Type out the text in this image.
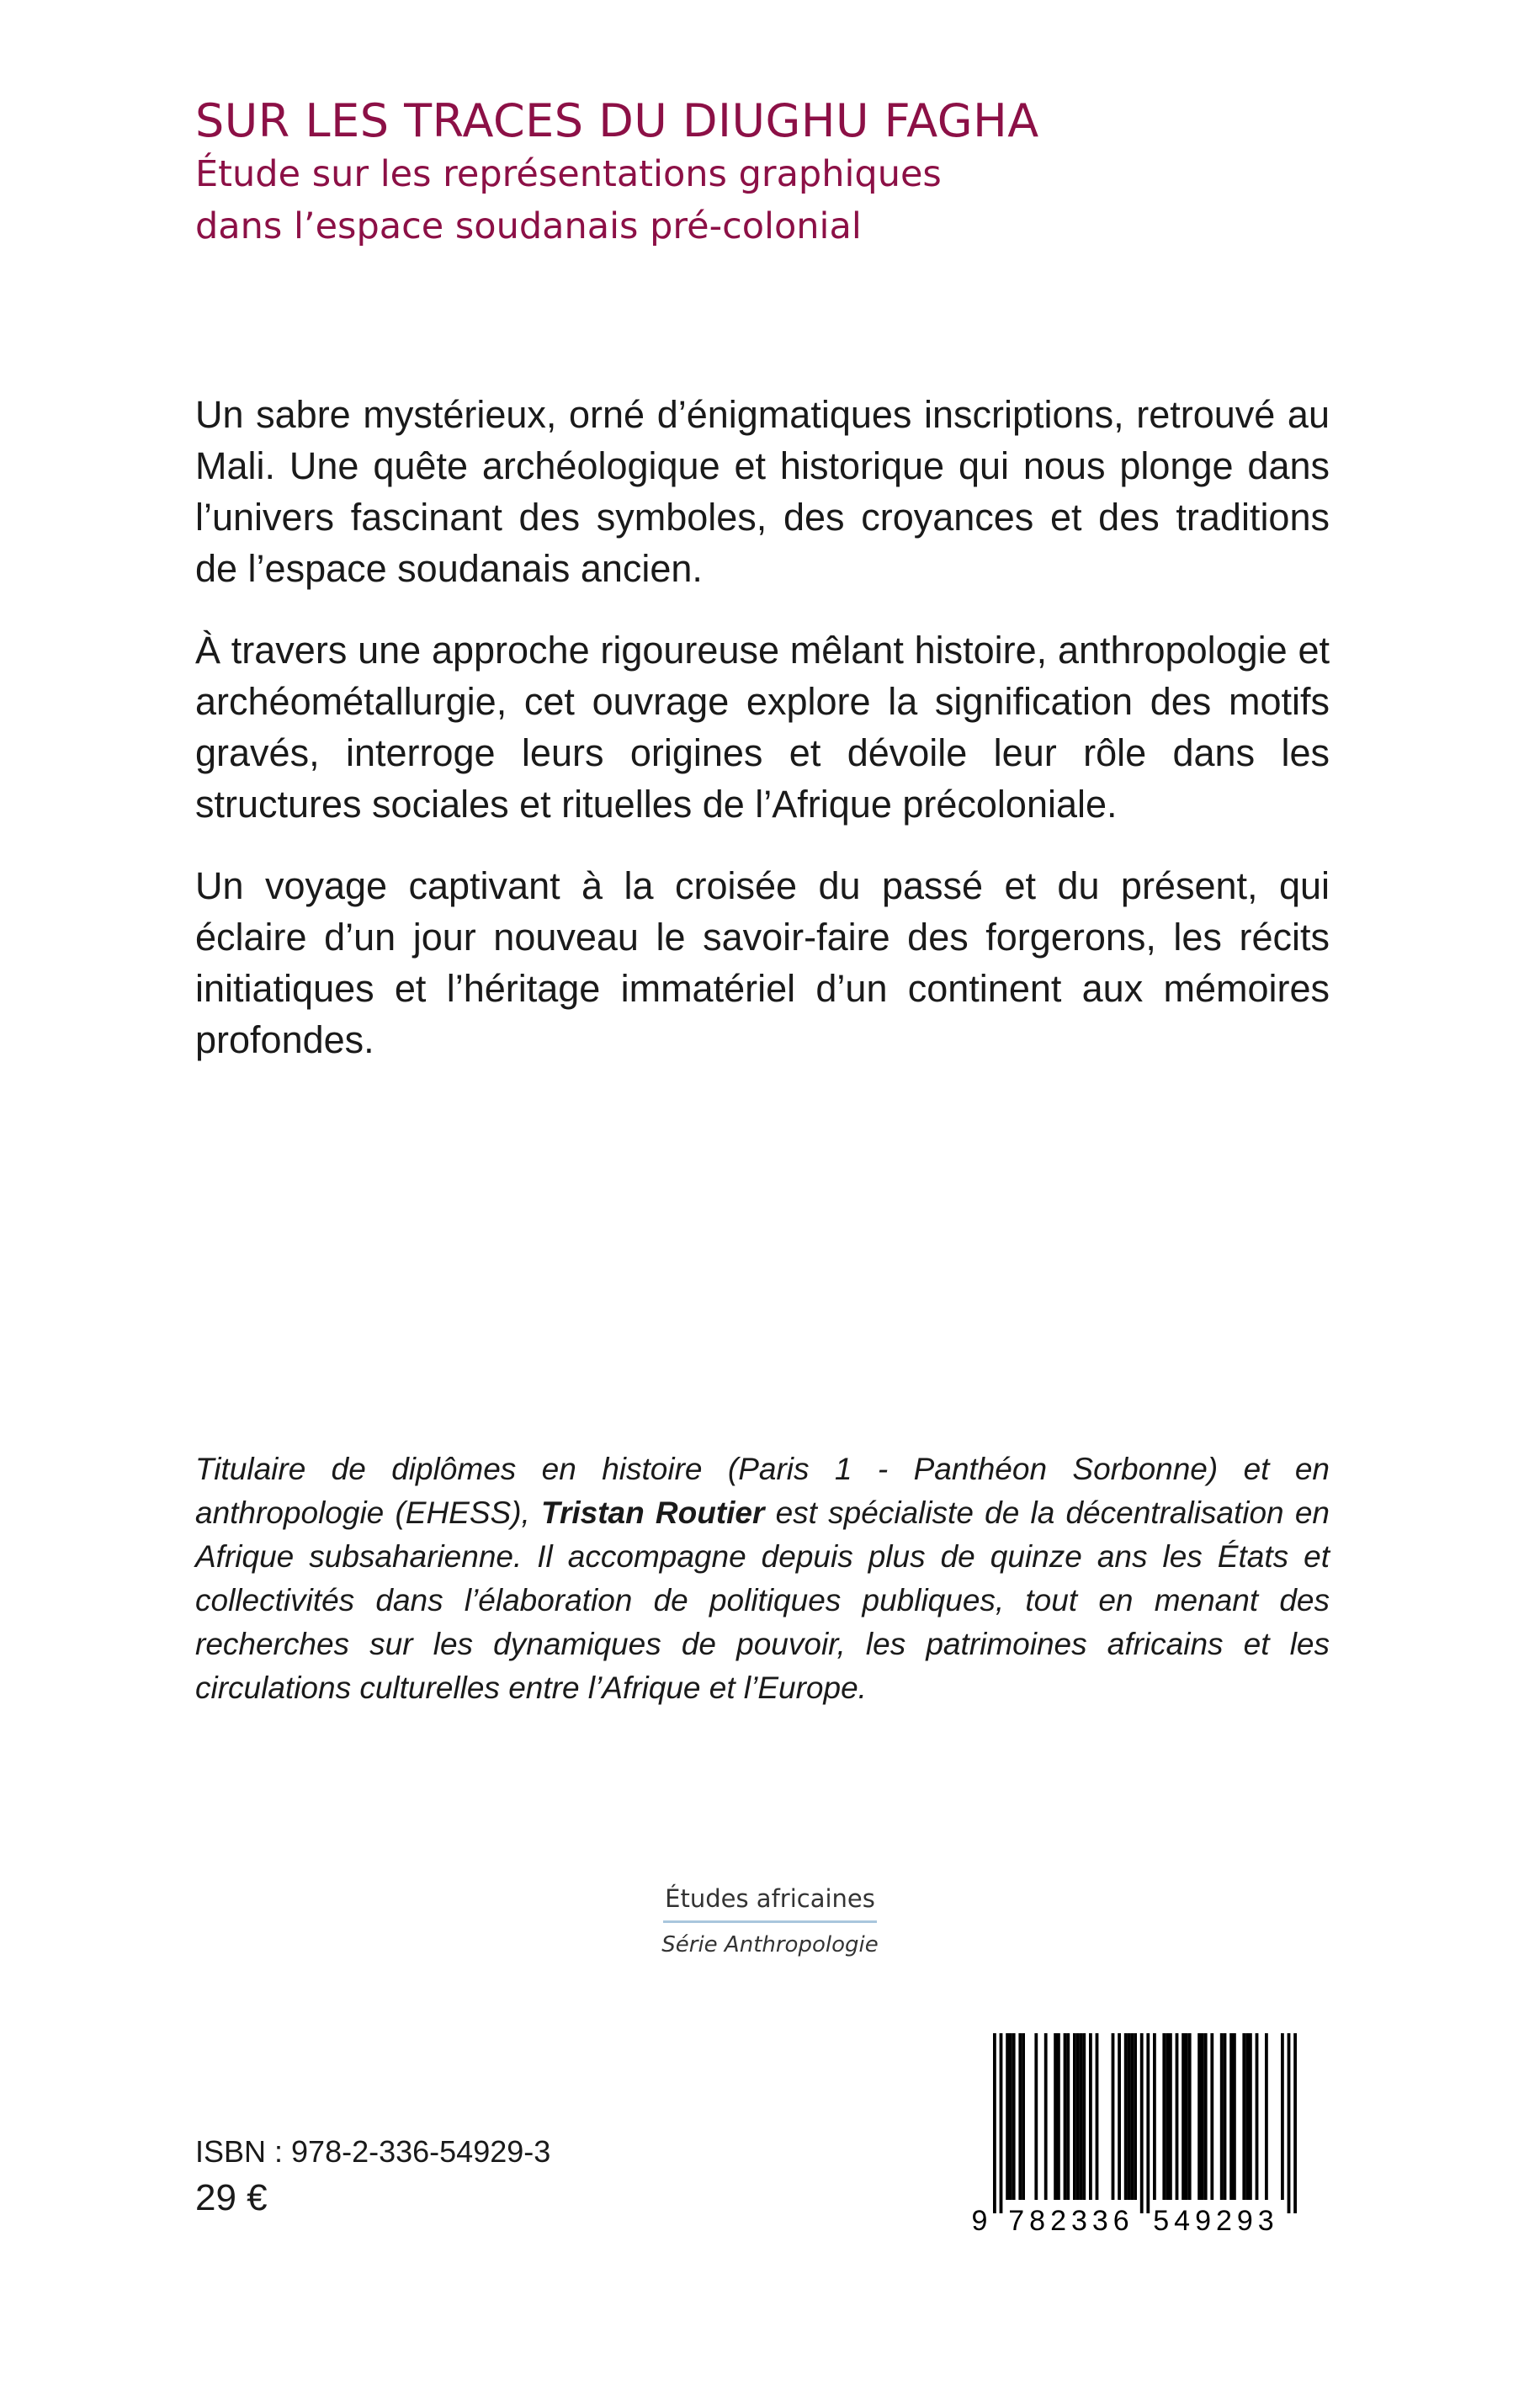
SUR LES TRACES DU DIUGHU FAGHA
Étude sur les représentations graphiques
dans l’espace soudanais pré-colonial

Un sabre mystérieux, orné d’énigmatiques inscriptions, retrouvé au Mali. Une quête archéologique et historique qui nous plonge dans l’univers fascinant des symboles, des croyances et des traditions de l’espace soudanais ancien.

À travers une approche rigoureuse mêlant histoire, anthropologie et archéométallurgie, cet ouvrage explore la signification des motifs gravés, interroge leurs origines et dévoile leur rôle dans les structures sociales et rituelles de l’Afrique précoloniale.

Un voyage captivant à la croisée du passé et du présent, qui éclaire d’un jour nouveau le savoir-faire des forgerons, les récits initiatiques et l’héritage immatériel d’un continent aux mémoires profondes.

Titulaire de diplômes en histoire (Paris 1 - Panthéon Sorbonne) et en anthropologie (EHESS), Tristan Routier est spécialiste de la décentralisation en Afrique subsaharienne. Il accompagne depuis plus de quinze ans les États et collectivités dans l’élaboration de politiques publiques, tout en menant des recherches sur les dynamiques de pouvoir, les patrimoines africains et les circulations culturelles entre l’Afrique et l’Europe.

Études africaines
Série Anthropologie
ISBN : 978-2-336-54929-3
29 €
9 782336 549293
